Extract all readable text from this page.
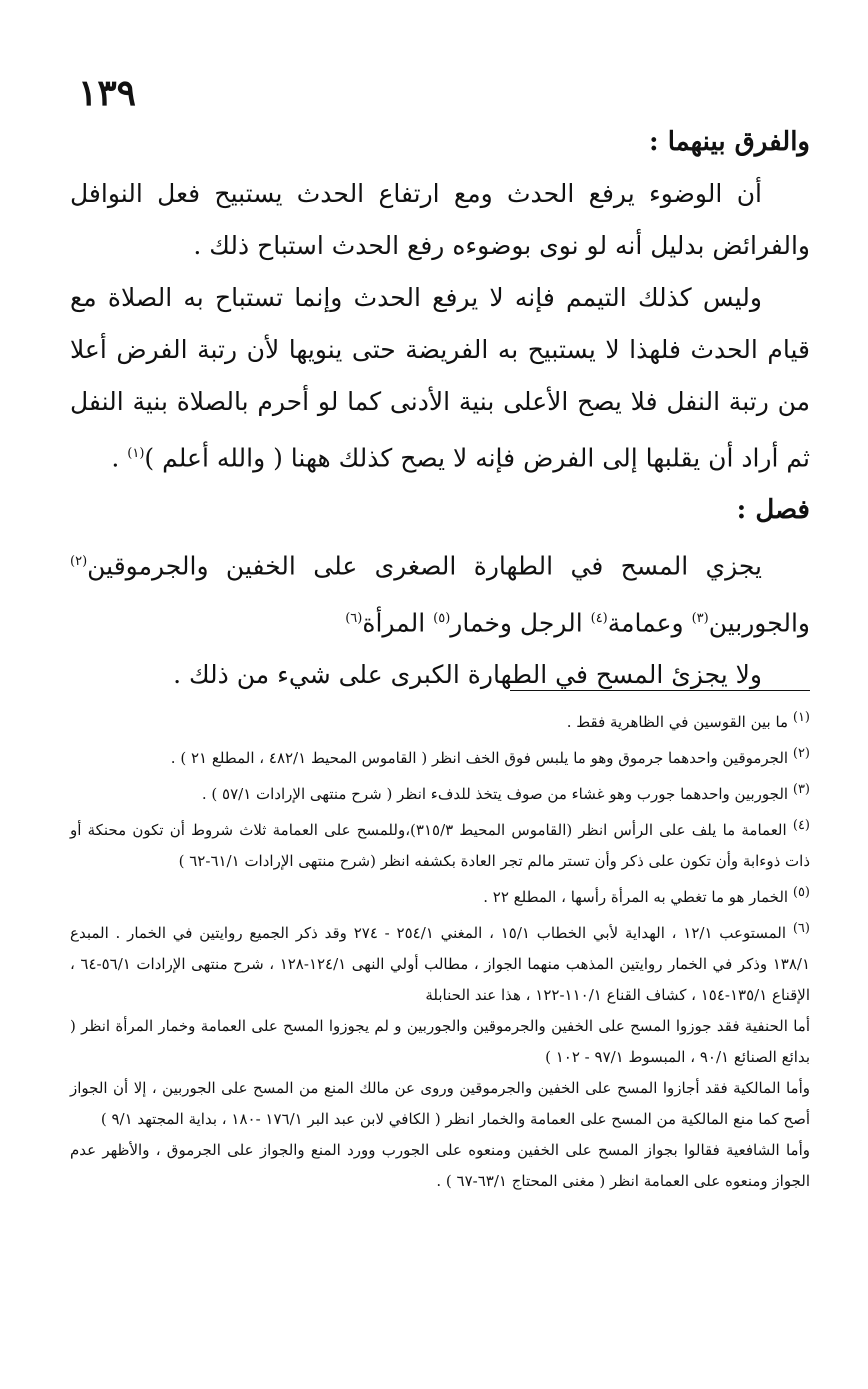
١٣٩

والفرق بينهما :

أن الوضوء يرفع الحدث ومع ارتفاع الحدث يستبيح فعل النوافل والفرائض بدليل أنه لو نوى بوضوءه رفع الحدث استباح ذلك .

وليس كذلك التيمم فإنه لا يرفع الحدث وإنما تستباح به الصلاة مع قيام الحدث فلهذا لا يستبيح به الفريضة حتى ينويها لأن رتبة الفرض أعلا من رتبة النفل فلا يصح الأعلى بنية الأدنى كما لو أحرم بالصلاة بنية النفل ثم أراد أن يقلبها إلى الفرض فإنه لا يصح كذلك ههنا ( والله أعلم )$^{(١)}$ .

فصل :

يجزي المسح في الطهارة الصغرى على الخفين والجرموقين$^{(٢)}$ والجوربين$^{(٣)}$ وعمامة$^{(٤)}$ الرجل وخمار$^{(٥)}$ المرأة$^{(٦)}$

ولا يجزئ المسح في الطهارة الكبرى على شيء من ذلك .

$^{(١)}$ ما بين القوسين في الظاهرية فقط .

$^{(٢)}$ الجرموقين واحدهما جرموق وهو ما يلبس فوق الخف انظر ( القاموس المحيط ٤٨٢/١ ، المطلع ٢١ ) .

$^{(٣)}$ الجوربين واحدهما جورب وهو غشاء من صوف يتخذ للدفء انظر ( شرح منتهى الإرادات ٥٧/١ ) .

$^{(٤)}$ العمامة ما يلف على الرأس انظر (القاموس المحيط ٣١٥/٣)،وللمسح على العمامة ثلاث شروط أن تكون محنكة أو ذات ذوءابة وأن تكون على ذكر وأن تستر مالم تجر العادة بكشفه انظر (شرح منتهى الإرادات ٦١/١-٦٢ )

$^{(٥)}$ الخمار هو ما تغطي به المرأة رأسها ، المطلع ٢٢ .

$^{(٦)}$ المستوعب ١٢/١ ، الهداية لأبي الخطاب ١٥/١ ، المغني ٢٥٤/١ - ٢٧٤ وقد ذكر الجميع روايتين في الخمار . المبدع ١٣٨/١ وذكر في الخمار روايتين المذهب منهما الجواز ، مطالب أولي النهى ١٢٤/١-١٢٨ ، شرح منتهى الإرادات ٥٦/١-٦٤ ، الإقناع ١٣٥/١-١٥٤ ، كشاف القناع ١١٠/١-١٢٢ ، هذا عند الحنابلة

أما الحنفية فقد جوزوا المسح على الخفين والجرموقين والجوربين و لم يجوزوا المسح على العمامة وخمار المرأة انظر ( بدائع الصنائع ٩٠/١ ، المبسوط ٩٧/١ - ١٠٢ )

وأما المالكية فقد أجازوا المسح على الخفين والجرموقين وروى عن مالك المنع من المسح على الجوربين ، إلا أن الجواز أصح كما منع المالكية من المسح على العمامة والخمار انظر ( الكافي لابن عبد البر ١٧٦/١ -١٨٠ ، بداية المجتهد ٩/١ )

وأما الشافعية فقالوا بجواز المسح على الخفين ومنعوه على الجورب وورد المنع والجواز على الجرموق ، والأظهر عدم الجواز ومنعوه على العمامة انظر ( مغنى المحتاج ٦٣/١-٦٧ ) .
